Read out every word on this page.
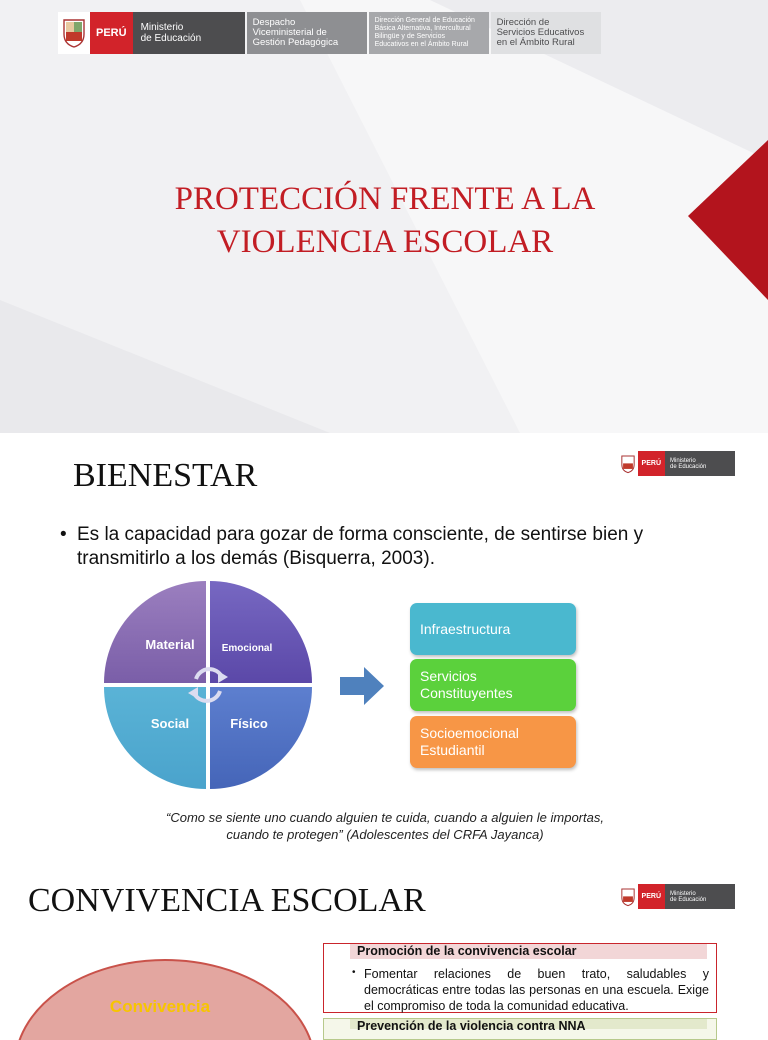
PERÚ	Ministerio
de Educación
Despacho
Viceministerial de
Gestión Pedagógica
Dirección General de Educación
Básica Alternativa, Intercultural
Bilingüe y de Servicios
Educativos en el Ámbito Rural
Dirección de
Servicios Educativos
en el Ámbito Rural
PROTECCIÓN FRENTE A LA
VIOLENCIA ESCOLAR
PERÚ	Ministerio
de Educación
BIENESTAR
• Es la capacidad para gozar de forma consciente, de sentirse bien y transmitirlo a los demás (Bisquerra, 2003).
Material	Emocional
Social	Físico
Infraestructura
Servicios
Constituyentes
Socioemocional
Estudiantil
“Como se siente uno cuando alguien te cuida, cuando a alguien le importas,
cuando te protegen” (Adolescentes del CRFA Jayanca)
PERÚ	Ministerio
de Educación
CONVIVENCIA ESCOLAR
Convivencia
Promoción de la convivencia escolar
• Fomentar relaciones de buen trato, saludables y democráticas entre todas las personas en una escuela. Exige el compromiso de toda la comunidad educativa.
Prevención de la violencia contra NNA
